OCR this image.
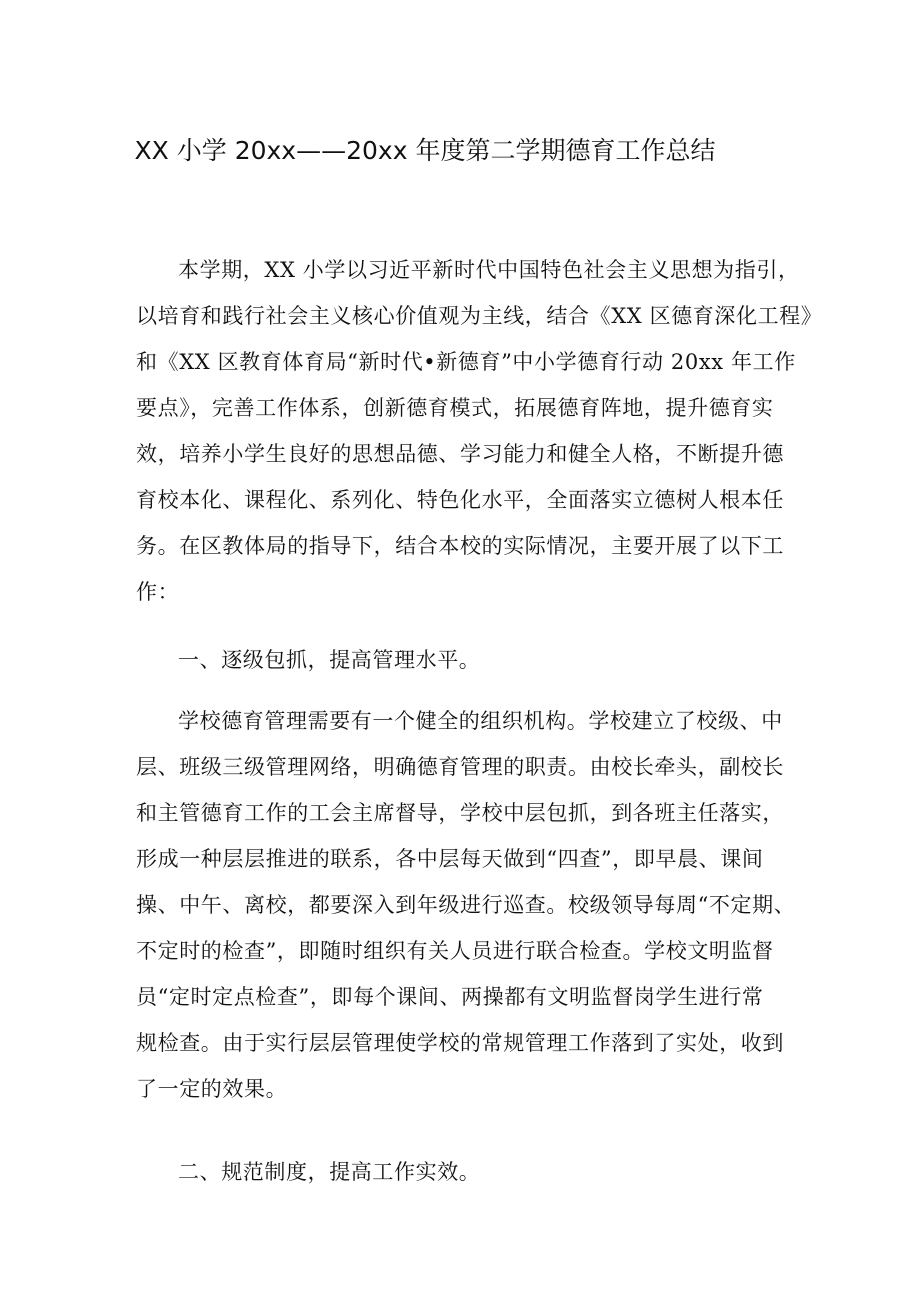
XX 小学 20xx——20xx 年度第二学期德育工作总结
本学期，XX 小学以习近平新时代中国特色社会主义思想为指引，
以培育和践行社会主义核心价值观为主线，结合《XX 区德育深化工程》
和《XX 区教育体育局“新时代•新德育”中小学德育行动 20xx 年工作
要点》，完善工作体系，创新德育模式，拓展德育阵地，提升德育实
效，培养小学生良好的思想品德、学习能力和健全人格，不断提升德
育校本化、课程化、系列化、特色化水平，全面落实立德树人根本任
务。在区教体局的指导下，结合本校的实际情况，主要开展了以下工
作：
一、逐级包抓，提高管理水平。
学校德育管理需要有一个健全的组织机构。学校建立了校级、中
层、班级三级管理网络，明确德育管理的职责。由校长牵头，副校长
和主管德育工作的工会主席督导，学校中层包抓，到各班主任落实，
形成一种层层推进的联系，各中层每天做到“四查”，即早晨、课间
操、中午、离校，都要深入到年级进行巡查。校级领导每周“不定期、
不定时的检查”，即随时组织有关人员进行联合检查。学校文明监督
员“定时定点检查”，即每个课间、两操都有文明监督岗学生进行常
规检查。由于实行层层管理使学校的常规管理工作落到了实处，收到
了一定的效果。
二、规范制度，提高工作实效。
